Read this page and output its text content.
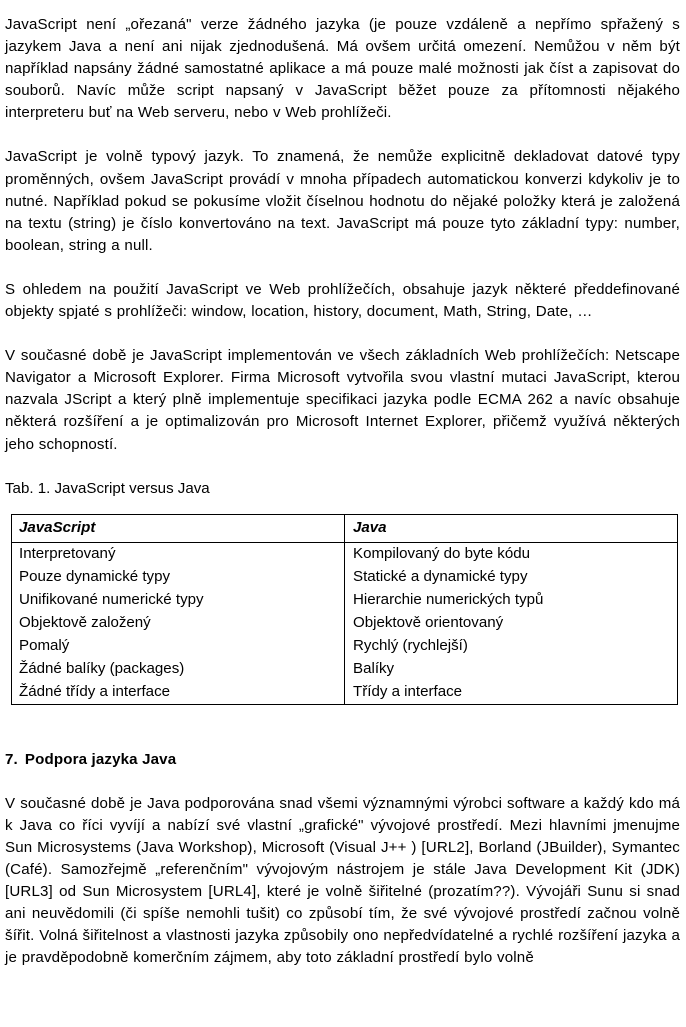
JavaScript není „ořezaná" verze žádného jazyka (je pouze vzdáleně a nepřímo spřažený s jazykem Java a není ani nijak zjednodušená. Má ovšem určitá omezení. Nemůžou v něm být například napsány žádné samostatné aplikace a má pouze malé možnosti jak číst a zapisovat do souborů. Navíc může script napsaný v JavaScript běžet pouze za přítomnosti nějakého interpreteru buť na Web serveru, nebo v Web prohlížeči.

JavaScript je volně typový jazyk. To znamená, že nemůže explicitně dekladovat datové typy proměnných, ovšem JavaScript provádí v mnoha případech automatickou konverzi kdykoliv je to nutné. Například pokud se pokusíme vložit číselnou hodnotu do nějaké položky která je založená na textu (string) je číslo konvertováno na text. JavaScript má pouze tyto základní typy: number, boolean, string a null.

S ohledem na použití JavaScript ve Web prohlížečích, obsahuje jazyk některé předdefinované objekty spjaté s prohlížeči: window, location, history, document, Math, String, Date, …

V současné době je JavaScript implementován ve všech základních Web prohlížečích: Netscape Navigator a Microsoft Explorer. Firma Microsoft vytvořila svou vlastní mutaci JavaScript, kterou nazvala JScript a který plně implementuje specifikaci jazyka podle ECMA 262 a navíc obsahuje některá rozšíření a je optimalizován pro Microsoft Internet Explorer, přičemž využívá některých jeho schopností.

Tab. 1. JavaScript versus Java

JavaScript	Java
Interpretovaný	Kompilovaný do byte kódu
Pouze dynamické typy	Statické a dynamické typy
Unifikované numerické typy	Hierarchie numerických typů
Objektově založený	Objektově orientovaný
Pomalý	Rychlý (rychlejší)
Žádné balíky (packages)	Balíky
Žádné třídy a interface	Třídy a interface
7. Podpora jazyka Java

V současné době je Java podporována snad všemi významnými výrobci software a každý kdo má k Java co říci vyvíjí a nabízí své vlastní „grafické" vývojové prostředí. Mezi hlavními jmenujme Sun Microsystems (Java Workshop), Microsoft (Visual J++ ) [URL2], Borland (JBuilder), Symantec (Café). Samozřejmě „referenčním" vývojovým nástrojem je stále Java Development Kit (JDK) [URL3] od Sun Microsystem [URL4], které je volně šiřitelné (prozatím??). Vývojáři Sunu si snad ani neuvědomili (či spíše nemohli tušit) co způsobí tím, že své vývojové prostředí začnou volně šířit. Volná šiřitelnost a vlastnosti jazyka způsobily ono nepředvídatelné a rychlé rozšíření jazyka a je pravděpodobně komerčním zájmem, aby toto základní prostředí bylo volně
